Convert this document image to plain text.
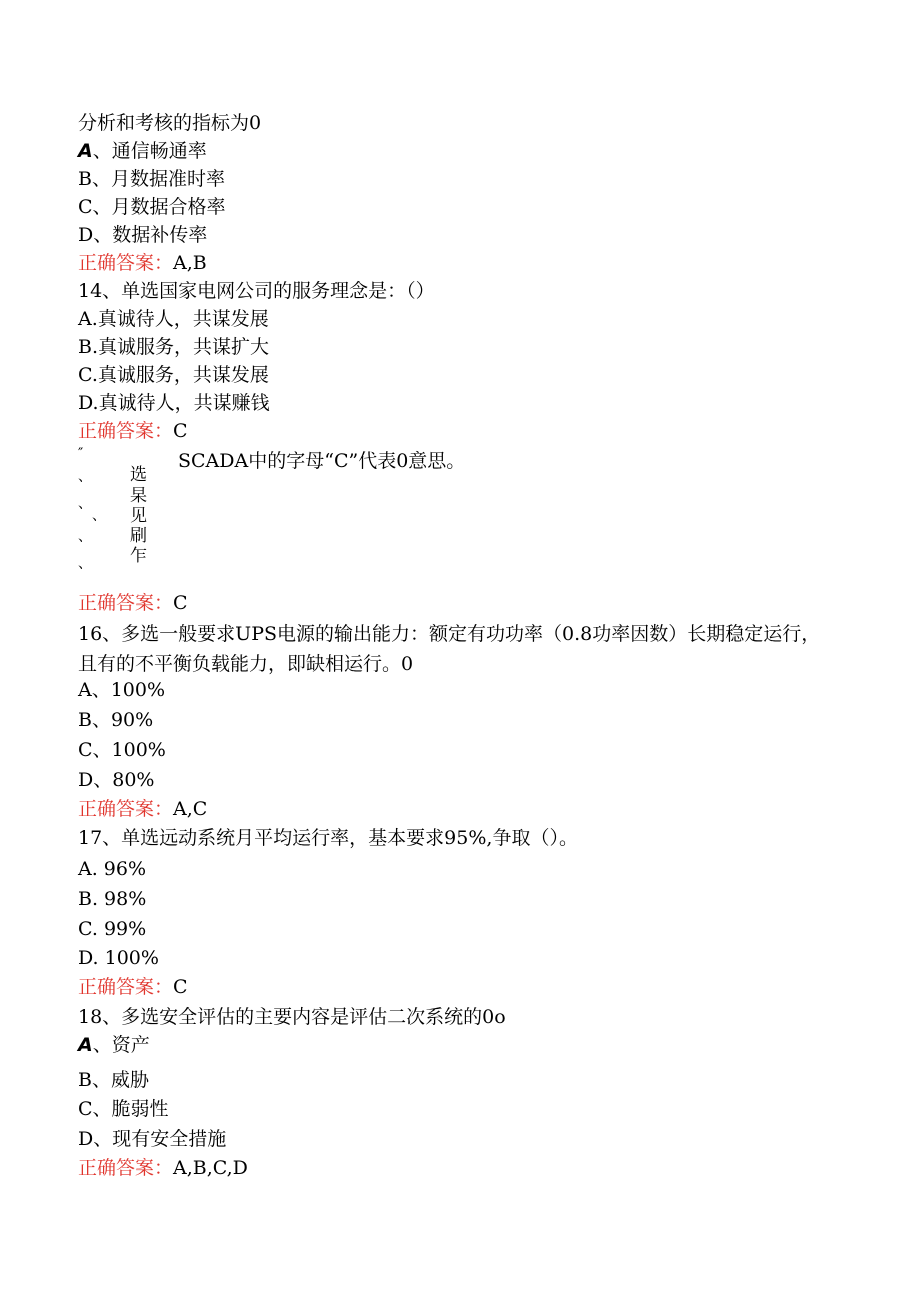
分析和考核的指标为0
A、通信畅通率
B、月数据准时率
C、月数据合格率
D、数据补传率
正确答案：A,B
14、单选国家电网公司的服务理念是：（）
A.真诚待人，共谋发展
B.真诚服务，共谋扩大
C.真诚服务，共谋发展
D.真诚待人，共谋赚钱
正确答案：C
SCADA中的字母“C”代表0意思。
″
、
、
、
、
、
选
杲
见
刷
乍
正确答案：C
16、多选一般要求UPS电源的输出能力：额定有功功率（0.8功率因数）长期稳定运行，且有的不平衡负载能力，即缺相运行。0
A、100%
B、90%
C、100%
D、80%
正确答案：A,C
17、单选远动系统月平均运行率，基本要求95%,争取（）。
A. 96%
B. 98%
C. 99%
D. 100%
正确答案：C
18、多选安全评估的主要内容是评估二次系统的0o
A、资产
B、威胁
C、脆弱性
D、现有安全措施
正确答案：A,B,C,D
